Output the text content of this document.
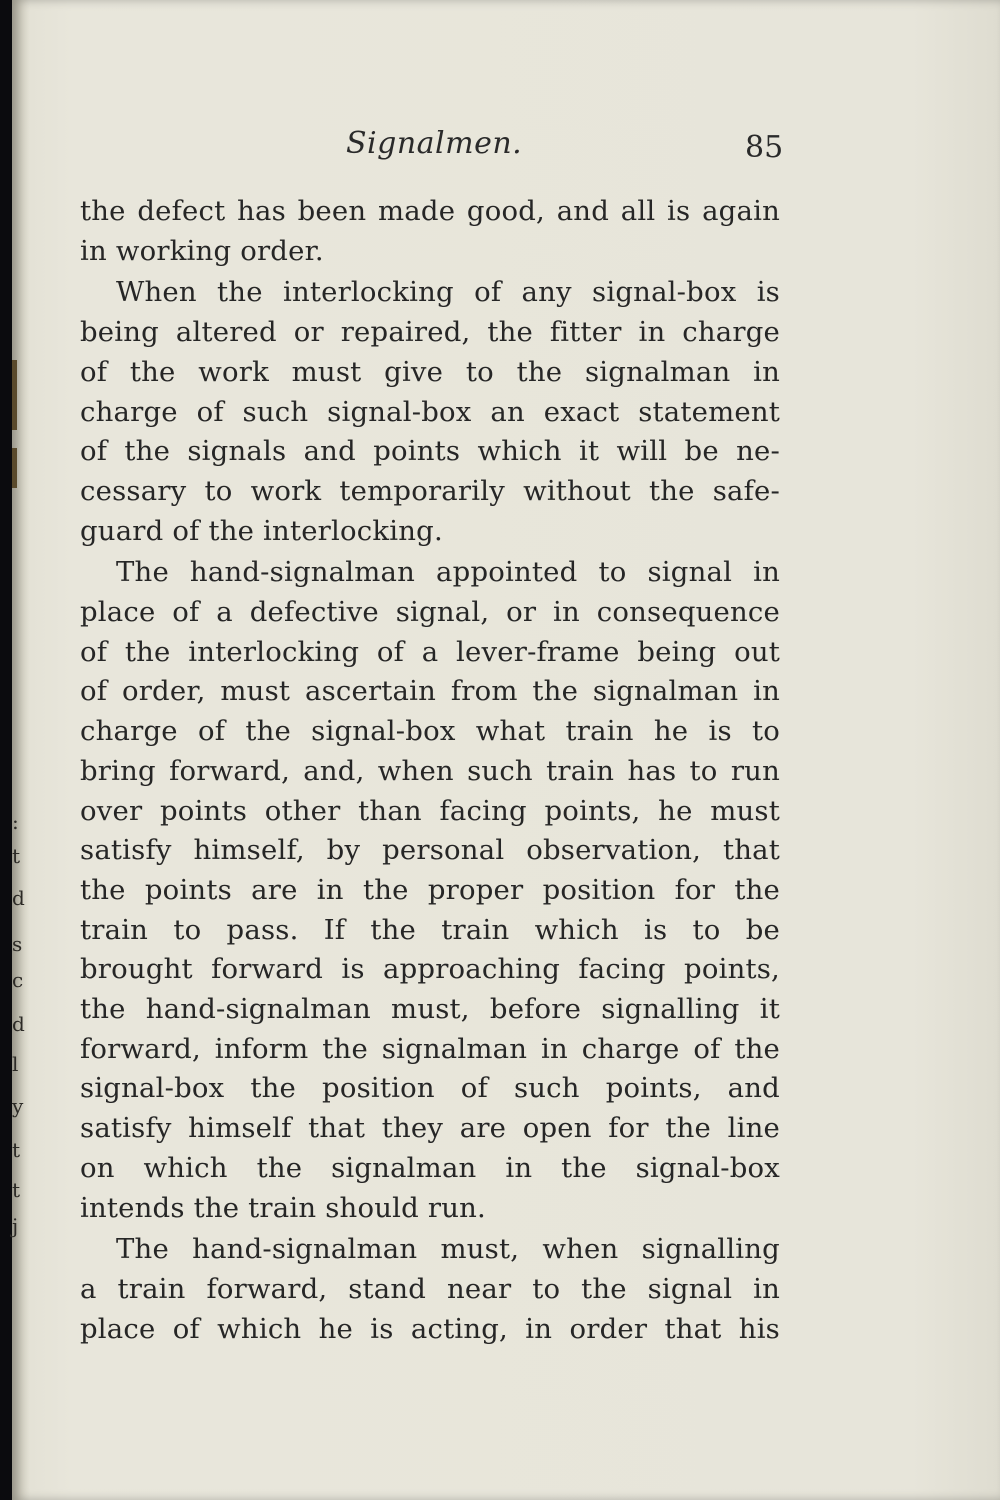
:
t
d
s
c
d
l
y
t
t
j
Signalmen.	85

the defect has been made good, and all is again
in working order.

When the interlocking of any signal-box is
being altered or repaired, the fitter in charge
of the work must give to the signalman in
charge of such signal-box an exact statement
of the signals and points which it will be ne-
cessary to work temporarily without the safe-
guard of the interlocking.

The hand-signalman appointed to signal in
place of a defective signal, or in consequence
of the interlocking of a lever-frame being out
of order, must ascertain from the signalman in
charge of the signal-box what train he is to
bring forward, and, when such train has to run
over points other than facing points, he must
satisfy himself, by personal observation, that
the points are in the proper position for the
train to pass. If the train which is to be
brought forward is approaching facing points,
the hand-signalman must, before signalling it
forward, inform the signalman in charge of the
signal-box the position of such points, and
satisfy himself that they are open for the line
on which the signalman in the signal-box
intends the train should run.

The hand-signalman must, when signalling
a train forward, stand near to the signal in
place of which he is acting, in order that his
